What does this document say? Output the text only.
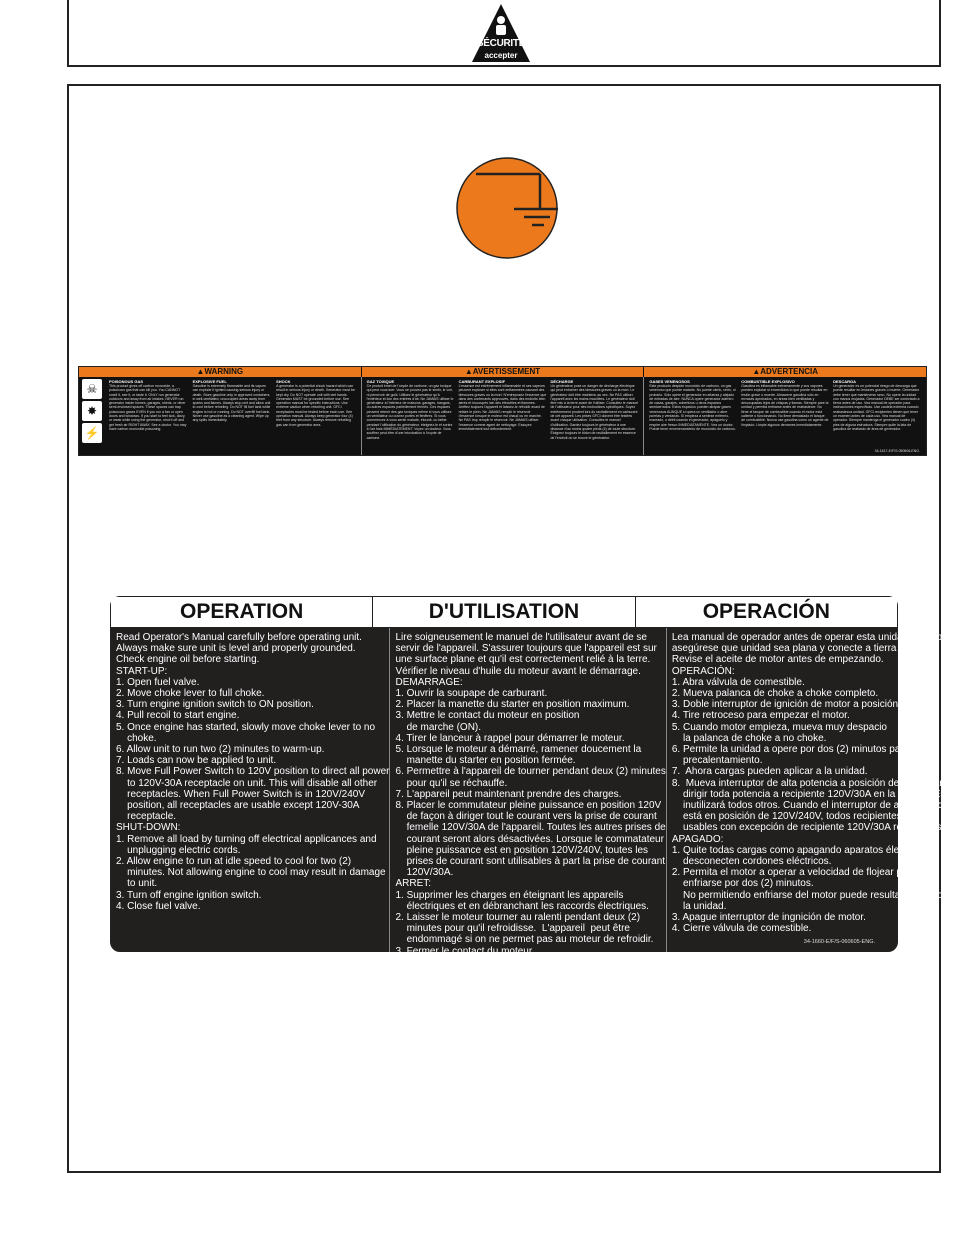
SÉCURITÉ
accepter
▲WARNING	▲AVERTISSEMENT	▲ADVERTENCIA
☠
✸
⚡
POISONOUS GAS
This product gives off carbon monoxide, a poisonous gas that can kill you. You CANNOT smell it, see it, or taste it. ONLY run generator outdoors and away from air intakes. NEVER run generator inside homes, garages, sheds, or other semi-enclosed spaces. These spaces can trap poisonous gases EVEN if you run a fan or open doors and windows. If you start to feel sick, dizzy, or weak while using the generator, shut it off and get fresh air RIGHT AWAY. See a doctor. You may have carbon monoxide poisoning.
EXPLOSIVE FUEL
Gasoline is extremely flammable and its vapors can explode if ignited causing serious injury or death. Store gasoline only in approved containers, in well-ventilated, unoccupied areas away from sparks and flames. Always stop unit and allow unit to cool before refueling. Do NOT fill fuel tank while engine is hot or running. Do NOT overfill fuel tank. Never use gasoline as a cleaning agent. Wipe up any spills immediately.
SHOCK
A generator is a potential shock hazard which can result in serious injury or death. Generator must be kept dry. Do NOT operate unit with wet hands. Generator MUST be grounded before use. See operation manual for specific instructions. Use extreme caution when refueling unit. GFCI receptacles must be tested before each use. See operation manual. Always keep generator four (4) feet from any structure. Always remove refueling gas can from generator area.
GAZ TOXIQUE
Ce produit émet de l'oxyde de carbone, un gaz toxique qui peut vous tuer. Vous ne pouvez pas le sentir, le voir, ni percevoir de goût. Utilisez le générateur qu'à l'extérieur et loin des entrées d'air. Ne JAMAIS utiliser le générateur à l'intérieur de maisons, garages, hangars, ou autres espaces partiellement fermés. Ces espaces peuvent retenir des gaz toxiques même si vous utilisez un ventilateur ou ouvrez portes et fenêtres. Si vous commencez à vous sentir malade, étourdi, ou faible pendant l'utilisation du générateur, éteignez-le et sortez à l'air frais IMMÉDIATEMENT. Voyez un docteur. Vous souffrez peut-être d'une intoxication à l'oxyde de carbone.
CARBURANT EXPLOSIF
L'essence est extrêmement inflammable et ses vapeurs peuvent exploser si elles sont enflammées causant des blessures graves ou la mort. N'entreposez l'essence que dans des contenants approuvés, dans des endroits bien aérés et inoccupés loin des étincelles et flammes. Arrêtez toujours l'appareil et laissez-le refroidir avant de refaire le plein. Ne JAMAIS remplir le réservoir d'essence lorsque le moteur est chaud ou en marche. Ne PAS trop remplir le réservoir. Ne JAMAIS utiliser l'essence comme agent de nettoyage. Essuyez immédiatement tout débordement.
DÉCHARGE
Un générateur pose un danger de décharge électrique qui peut entraîner des blessures graves ou la mort. Le générateur doit être maintenu au sec. Ne PAS utiliser l'appareil avec les mains mouillées. Le générateur doit être mis à la terre avant de l'utiliser. Consultez le manuel de l'utilisateur pour des instructions spécifiques. Soyez extrêmement prudent lors du ravitaillement en carburant de cet appareil. Les prises GFCI doivent être testées avant chaque utilisation. Consultez le manuel d'utilisation. Gardez toujours le générateur à une distance d'au moins quatre pieds (4) de toute structure. Éloignez toujours le bidon de ravitaillement en essence de l'endroit où se trouve le générateur.
GASES VENENOSOS
Este producto despide monóxido de carbono, un gas venenoso que puede matarle. No puede olerlo, verlo, ni probarlo. Sólo opere el generador en afueras y alejado de entradas de aire. NUNCA opere generador adentro de casas, garajes, cobertizos u otros espacios semicerrados. Estos espacios pueden atrapar gases venenosos AUNQUE si opera un ventilador o abre puertas y ventanas. Si empieza a sentirse enfermo, mareado, o débil usando el generador, apáguelo y respire aire fresco INMEDIATAMENTE. Vea un doctor. Puede tener envenenamiento de monóxido de carbono.
COMBUSTIBLE EXPLOSIVO
Gasolina es inflamable extremamente y sus vapores pueden explotar si encendidos lo que puede resultar en lesión grave o muerte. Almacene gasolina sólo en envases aprobados, en áreas bien ventiladas y desocupadas lejos de chispas y llamas. Siempre pare la unidad y permita enfriarse antes de reabastecer. No llene el tanque de combustible cuando el motor está caliente o funcionando. No llene demasiado el tanque de combustible. Nunca use gasolina como un agente de limpiado. Limpie algunos derrames inmediatamente.
DESCARGA
Un generador es un potencial riesgo de descarga que puede resultar en lesiones graves o muerte. Generador debe tener que mantenerse seco. No opere la unidad con manos mojadas. Generador DEBE ser conectado a tierra antes de uso. Vea manual de operador para instrucciones específicas. Use cautela extrema cuando reabastezca unidad. GFCI recipientes tienen que tener un examen antes de cada uso. Vea manual de operador. Siempre mantenga el generador cuatro (4) pies de alguna estructura. Siempre quite la lata de gasolina de reabasto de área de generador.
34-1617-E/F/S-050606-ENG.
OPERATION	D'UTILISATION	OPERACIÓN
Read Operator's Manual carefully before operating unit.
Always make sure unit is level and properly grounded.
Check engine oil before starting.
START-UP:
1. Open fuel valve.
2. Move choke lever to full choke.
3. Turn engine ignition switch to ON position.
4. Pull recoil to start engine.
5. Once engine has started, slowly move choke lever to no
choke.
6. Allow unit to run two (2) minutes to warm-up.
7. Loads can now be applied to unit.
8. Move Full Power Switch to 120V position to direct all power
to 120V-30A receptacle on unit. This will disable all other
receptacles. When Full Power Switch is in 120V/240V
position, all receptacles are usable except 120V-30A
receptacle.
SHUT-DOWN:
1. Remove all load by turning off electrical applicances and
unplugging electric cords.
2. Allow engine to run at idle speed to cool for two (2)
minutes. Not allowing engine to cool may result in damage
to unit.
3. Turn off engine ignition switch.
4. Close fuel valve.
Lire soigneusement le manuel de l'utilisateur avant de se
servir de l'appareil. S'assurer toujours que l'appareil est sur
une surface plane et qu'il est correctement relié à la terre.
Vérifier le niveau d'huile du moteur avant le démarrage.
DEMARRAGE:
1. Ouvrir la soupape de carburant.
2. Placer la manette du starter en position maximum.
3. Mettre le contact du moteur en position
de marche (ON).
4. Tirer le lanceur à rappel pour démarrer le moteur.
5. Lorsque le moteur a démarré, ramener doucement la
manette du starter en position fermée.
6. Permettre à l'appareil de tourner pendant deux (2) minutes
pour qu'il se réchauffe.
7. L'appareil peut maintenant prendre des charges.
8. Placer le commutateur pleine puissance en position 120V
de façon à diriger tout le courant vers la prise de courant
femelle 120V/30A de l'appareil. Toutes les autres prises de
courant seront alors désactivées. Lorsque le commatateur
pleine puissance est en position 120V/240V, toutes les
prises de courant sont utilisables à part la prise de courant
120V/30A.
ARRET:
1. Supprimer les charges en éteignant les appareils
électriques et en débranchant les raccords électriques.
2. Laisser le moteur tourner au ralenti pendant deux (2)
minutes pour qu'il refroidisse.  L'appareil  peut être
endommagé si on ne permet pas au moteur de refroidir.
3. Fermer le contact du moteur.
4. Fermer la soupape de carburant.
Lea manual de operador antes de operar esta unidad. Siempre
asegúrese que unidad sea plana y conecte a tierra correcto.
Revise el aceite de motor antes de empezando.
OPERACIÓN:
1. Abra válvula de comestible.
2. Mueva palanca de choke a choke completo.
3. Doble interruptor de ignición de motor a posición de ON.
4. Tire retroceso para empezar el motor.
5. Cuando motor empieza, mueva muy despacio
la palanca de choke a no choke.
6. Permite la unidad a opere por dos (2) minutos para
precalentamiento.
7.  Ahora cargas pueden aplicar a la unidad.
8.  Mueva interruptor de alta potencia a posición de 120V para
dirigir toda potencia a recipiente 120V/30A en la unidad. Este
inutilizará todos otros. Cuando el interruptor de alta potencia
está en posición de 120V/240V, todos recipientes son
usables con excepción de recipiente 120V/30A recipientes.
APAGADO:
1. Quite todas cargas como apagando aparatos électricos y
desconecten cordones eléctricos.
2. Permita el motor a operar a velocidad de flojear para
enfriarse por dos (2) minutos.
No permitiendo enfriarse del motor puede resultar en daño a
la unidad.
3. Apague interruptor de ingnición de motor.
4. Cierre válvula de comestible.
34-1660-E/F/S-060605-ENG.
